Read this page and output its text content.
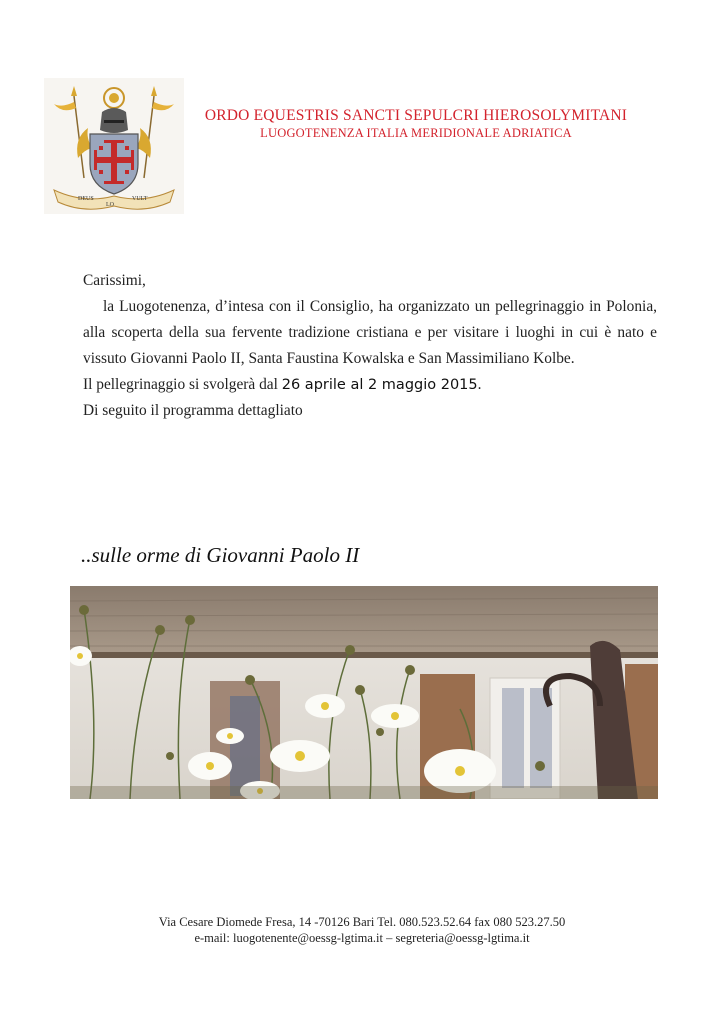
DEUS
LO
VULT
ORDO EQUESTRIS SANCTI SEPULCRI HIEROSOLYMITANI
LUOGOTENENZA ITALIA MERIDIONALE ADRIATICA

Carissimi,

la Luogotenenza, d’intesa con il Consiglio, ha organizzato un pellegrinaggio in Polonia, alla scoperta della sua fervente tradizione cristiana e per visitare i luoghi in cui è nato e vissuto Giovanni Paolo II, Santa Faustina Kowalska e San Massimiliano Kolbe.

Il pellegrinaggio si svolgerà dal 26 aprile al 2 maggio 2015.

Di seguito il programma dettagliato

..sulle orme di Giovanni Paolo II
Via Cesare Diomede Fresa, 14 -70126 Bari Tel. 080.523.52.64 fax 080 523.27.50
e-mail: luogotenente@oessg-lgtima.it – segreteria@oessg-lgtima.it
